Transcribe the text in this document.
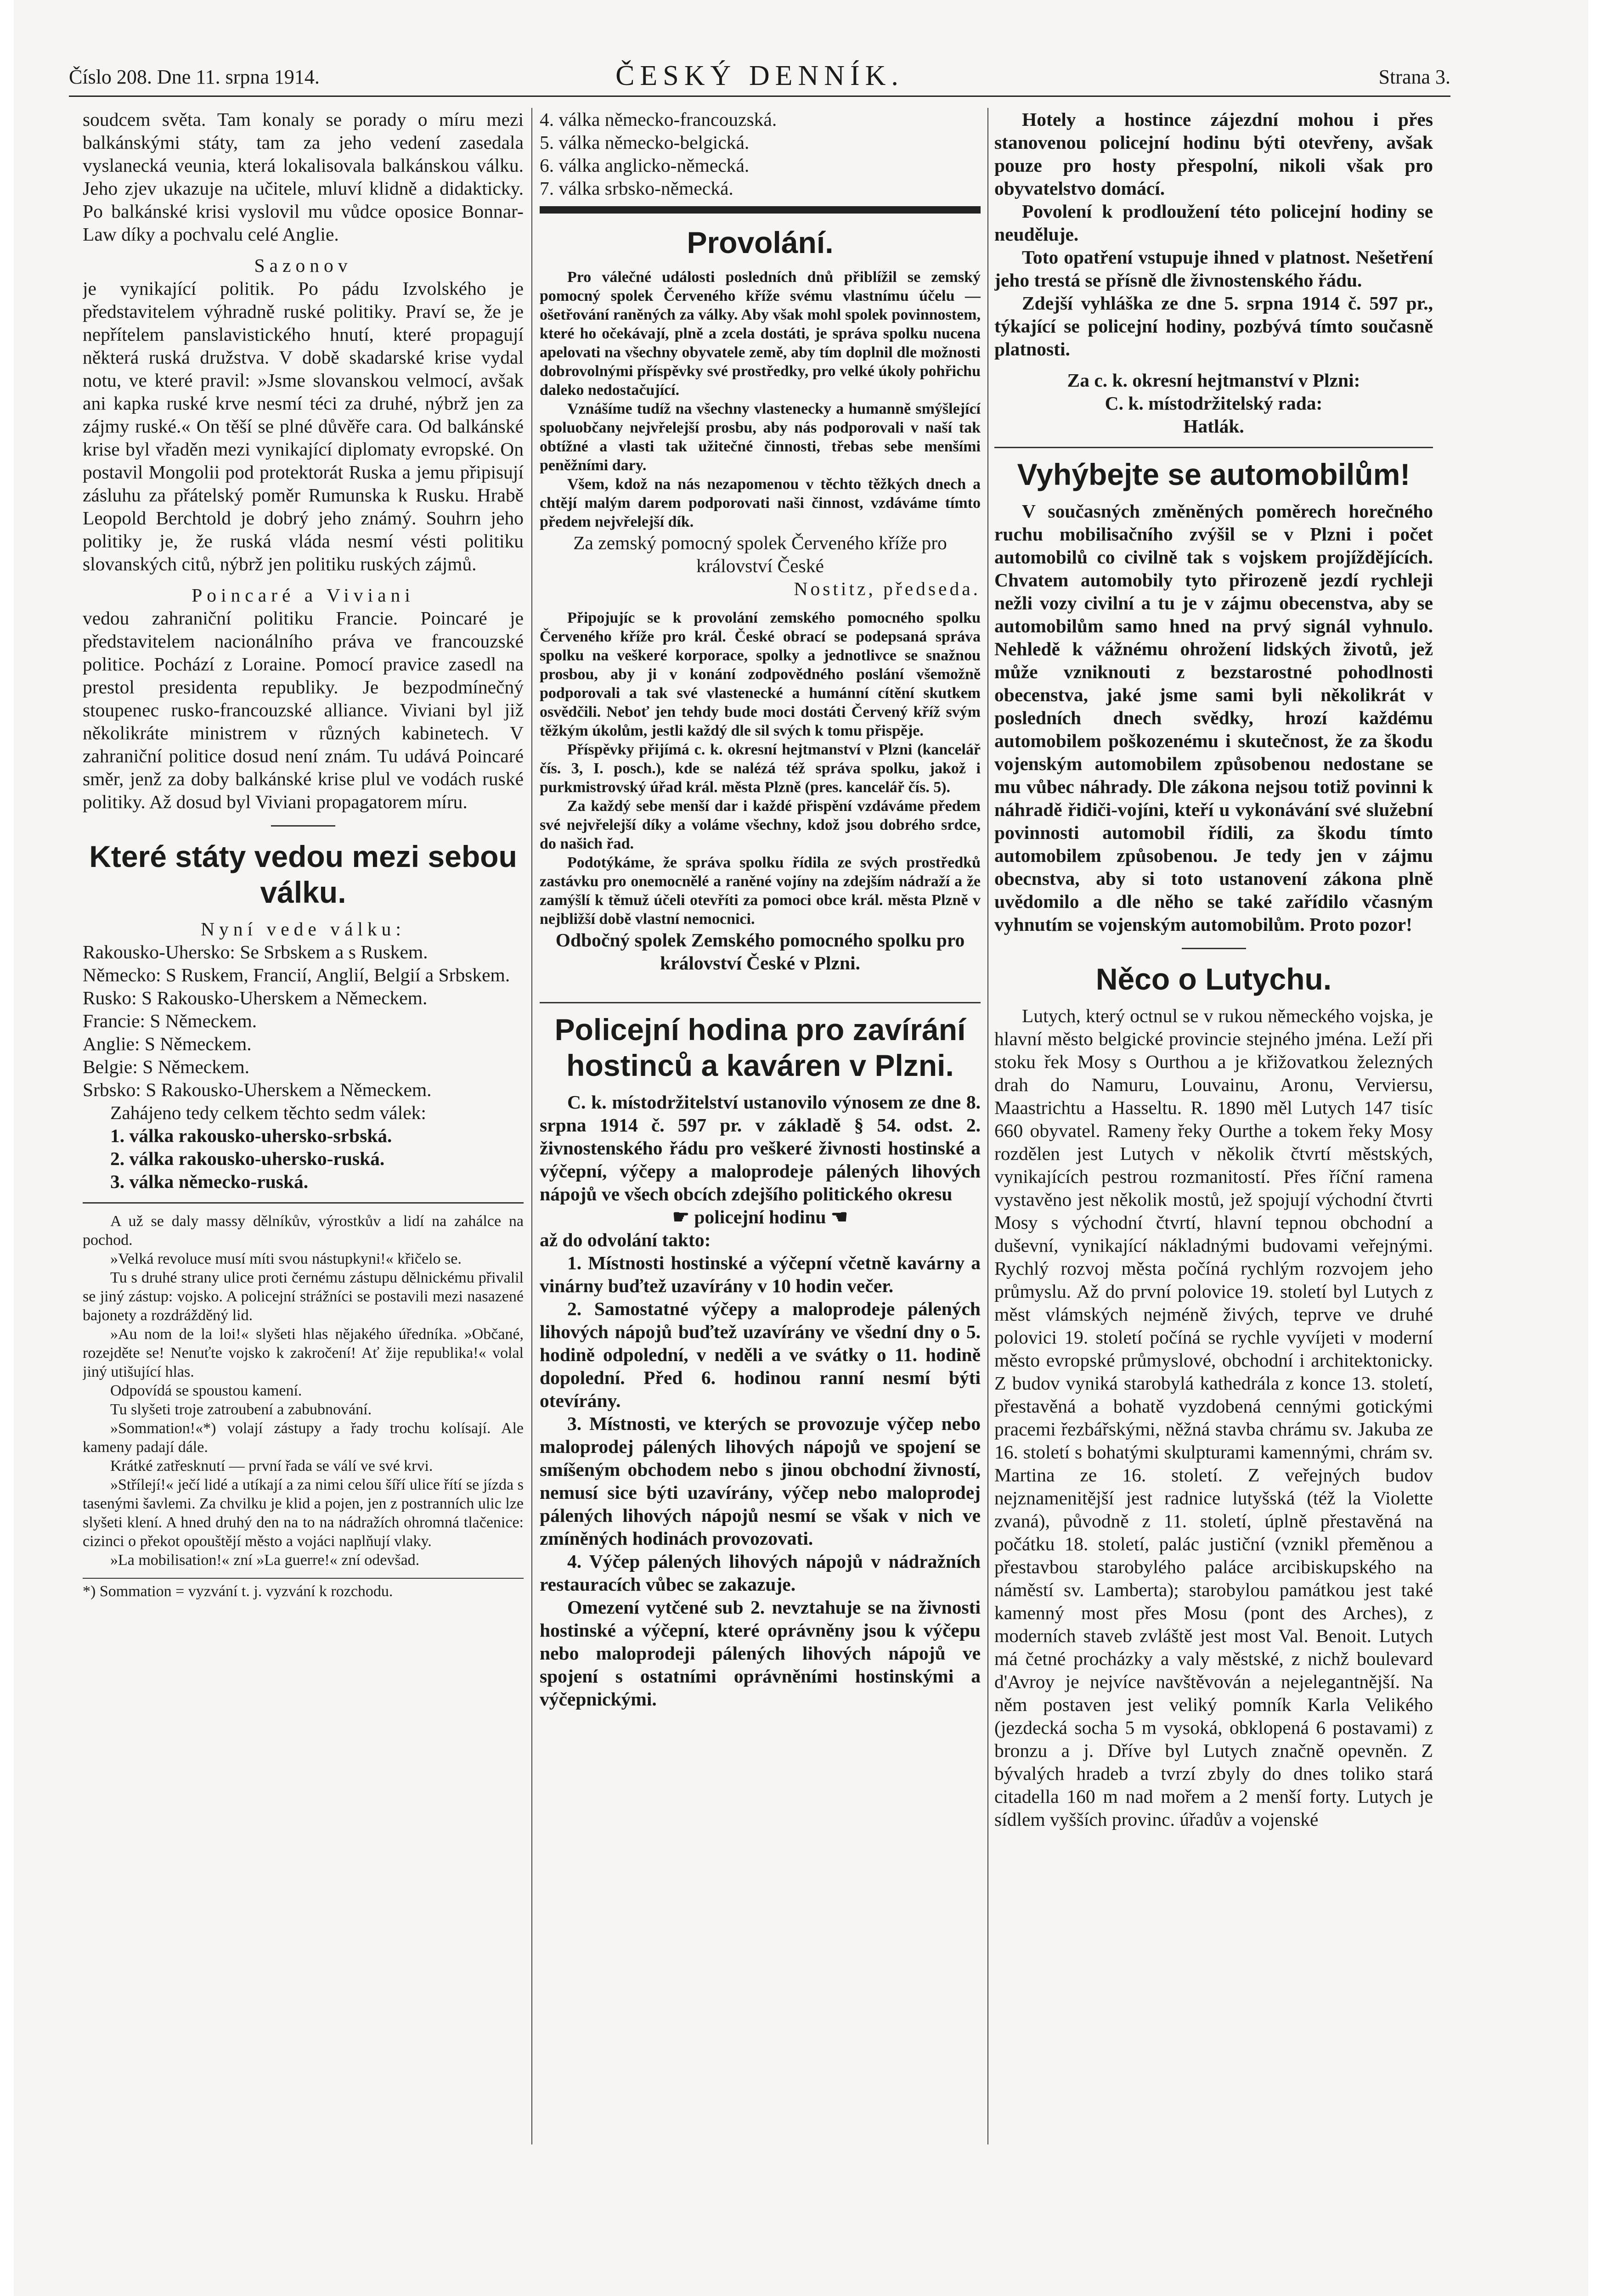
Číslo 208. Dne 11. srpna 1914.	ČESKÝ DENNÍK.	Strana 3.

soudcem světa. Tam konaly se porady o míru mezi balkánskými státy, tam za jeho vedení zasedala vyslanecká veunia, která lokalisovala balkánskou válku. Jeho zjev ukazuje na učitele, mluví klidně a didakticky. Po balkánské krisi vyslovil mu vůdce oposice Bonnar-Law díky a pochvalu celé Anglie.

Sazonov

je vynikající politik. Po pádu Izvolského je představitelem výhradně ruské politiky. Praví se, že je nepřítelem panslavistického hnutí, které propagují některá ruská družstva. V době skadarské krise vydal notu, ve které pravil: »Jsme slovanskou velmocí, avšak ani kapka ruské krve nesmí téci za druhé, nýbrž jen za zájmy ruské.« On těší se plné důvěře cara. Od balkánské krise byl vřaděn mezi vynikající diplomaty evropské. On postavil Mongolii pod protektorát Ruska a jemu připisují zásluhu za přátelský poměr Rumunska k Rusku. Hrabě Leopold Berchtold je dobrý jeho známý. Souhrn jeho politiky je, že ruská vláda nesmí vésti politiku slovanských citů, nýbrž jen politiku ruských zájmů.

Poincaré a Viviani

vedou zahraniční politiku Francie. Poincaré je představitelem nacionálního práva ve francouzské politice. Pochází z Loraine. Pomocí pravice zasedl na prestol presidenta republiky. Je bezpodmínečný stoupenec rusko-francouzské alliance. Viviani byl již několikráte ministrem v různých kabinetech. V zahraniční politice dosud není znám. Tu udává Poincaré směr, jenž za doby balkánské krise plul ve vodách ruské politiky. Až dosud byl Viviani propagatorem míru.

Které státy vedou mezi sebou válku.

Nyní vede válku:

Rakousko-Uhersko: Se Srbskem a s Ruskem.

Německo: S Ruskem, Francií, Anglií, Belgií a Srbskem.

Rusko: S Rakousko-Uherskem a Německem.

Francie: S Německem.

Anglie: S Německem.

Belgie: S Německem.

Srbsko: S Rakousko-Uherskem a Německem.

Zahájeno tedy celkem těchto sedm válek:

1. válka rakousko-uhersko-srbská.

2. válka rakousko-uhersko-ruská.

3. válka německo-ruská.

A už se daly massy dělníkův, výrostkův a lidí na zahálce na pochod.

»Velká revoluce musí míti svou nástupkyni!« křičelo se.

Tu s druhé strany ulice proti černému zástupu dělnickému přivalil se jiný zástup: vojsko. A policejní strážníci se postavili mezi nasazené bajonety a rozdrážděný lid.

»Au nom de la loi!« slyšeti hlas nějakého úředníka. »Občané, rozejděte se! Nenuťte vojsko k zakročení! Ať žije republika!« volal jiný utišující hlas.

Odpovídá se spoustou kamení.

Tu slyšeti troje zatroubení a zabubnování.

»Sommation!«*) volají zástupy a řady trochu kolísají. Ale kameny padají dále.

Krátké zatřesknutí — první řada se válí ve své krvi.

»Střílejí!« ječí lidé a utíkají a za nimi celou šíří ulice řítí se jízda s tasenými šavlemi. Za chvilku je klid a pojen, jen z postranních ulic lze slyšeti klení. A hned druhý den na to na nádražích ohromná tlačenice: cizinci o překot opouštějí město a vojáci naplňují vlaky.

»La mobilisation!« zní »La guerre!« zní odevšad.

*) Sommation = vyzvání t. j. vyzvání k rozchodu.

4. válka německo-francouzská.

5. válka německo-belgická.

6. válka anglicko-německá.

7. válka srbsko-německá.

Provolání.

Pro válečné události posledních dnů přiblížil se zemský pomocný spolek Červeného kříže svému vlastnímu účelu — ošetřování raněných za války. Aby však mohl spolek povinnostem, které ho očekávají, plně a zcela dostáti, je správa spolku nucena apelovati na všechny obyvatele země, aby tím doplnil dle možnosti dobrovolnými příspěvky své prostředky, pro velké úkoly pohřichu daleko nedostačující.

Vznášíme tudíž na všechny vlastenecky a humanně smýšlející spoluobčany nejvřelejší prosbu, aby nás podporovali v naší tak obtížné a vlasti tak užitečné činnosti, třebas sebe menšími peněžními dary.

Všem, kdož na nás nezapomenou v těchto těžkých dnech a chtějí malým darem podporovati naši činnost, vzdáváme tímto předem nejvřelejší dík.

Za zemský pomocný spolek Červeného kříže pro království České

Nostitz, předseda.

Připojujíc se k provolání zemského pomocného spolku Červeného kříže pro král. České obrací se podepsaná správa spolku na veškeré korporace, spolky a jednotlivce se snažnou prosbou, aby ji v konání zodpovědného poslání všemožně podporovali a tak své vlastenecké a humánní cítění skutkem osvědčili. Neboť jen tehdy bude moci dostáti Červený kříž svým těžkým úkolům, jestli každý dle sil svých k tomu přispěje.

Příspěvky přijímá c. k. okresní hejtmanství v Plzni (kancelář čís. 3, I. posch.), kde se nalézá též správa spolku, jakož i purkmistrovský úřad král. města Plzně (pres. kancelář čís. 5).

Za každý sebe menší dar i každé přispění vzdáváme předem své nejvřelejší díky a voláme všechny, kdož jsou dobrého srdce, do našich řad.

Podotýkáme, že správa spolku řídila ze svých prostředků zastávku pro onemocnělé a raněné vojíny na zdejším nádraží a že zamýšlí k těmuž účeli otevříti za pomoci obce král. města Plzně v nejbližší době vlastní nemocnici.

Odbočný spolek Zemského pomocného spolku pro království České v Plzni.

Policejní hodina pro zavírání hostinců a kaváren v Plzni.

C. k. místodržitelství ustanovilo výnosem ze dne 8. srpna 1914 č. 597 pr. v základě § 54. odst. 2. živnostenského řádu pro veškeré živnosti hostinské a výčepní, výčepy a maloprodeje pálených lihových nápojů ve všech obcích zdejšího politického okresu

☛ policejní hodinu ☚

až do odvolání takto:

1. Místnosti hostinské a výčepní včetně kavárny a vinárny buďtež uzavírány v 10 hodin večer.

2. Samostatné výčepy a maloprodeje pálených lihových nápojů buďtež uzavírány ve všední dny o 5. hodině odpolední, v neděli a ve svátky o 11. hodině dopolední. Před 6. hodinou ranní nesmí býti otevírány.

3. Místnosti, ve kterých se provozuje výčep nebo maloprodej pálených lihových nápojů ve spojení se smíšeným obchodem nebo s jinou obchodní živností, nemusí sice býti uzavírány, výčep nebo maloprodej pálených lihových nápojů nesmí se však v nich ve zmíněných hodinách provozovati.

4. Výčep pálených lihových nápojů v nádražních restauracích vůbec se zakazuje.

Omezení vytčené sub 2. nevztahuje se na živnosti hostinské a výčepní, které oprávněny jsou k výčepu nebo maloprodeji pálených lihových nápojů ve spojení s ostatními oprávněními hostinskými a výčepnickými.

Hotely a hostince zájezdní mohou i přes stanovenou policejní hodinu býti otevřeny, avšak pouze pro hosty přespolní, nikoli však pro obyvatelstvo domácí.

Povolení k prodloužení této policejní hodiny se neuděluje.

Toto opatření vstupuje ihned v platnost. Nešetření jeho trestá se přísně dle živnostenského řádu.

Zdejší vyhláška ze dne 5. srpna 1914 č. 597 pr., týkající se policejní hodiny, pozbývá tímto současně platnosti.

Za c. k. okresní hejtmanství v Plzni:

C. k. místodržitelský rada:

Hatlák.

Vyhýbejte se automobilům!

V současných změněných poměrech horečného ruchu mobilisačního zvýšil se v Plzni i počet automobilů co civilně tak s vojskem projíždějících. Chvatem automobily tyto přirozeně jezdí rychleji nežli vozy civilní a tu je v zájmu obecenstva, aby se automobilům samo hned na prvý signál vyhnulo. Nehledě k vážnému ohrožení lidských životů, jež může vzniknouti z bezstarostné pohodlnosti obecenstva, jaké jsme sami byli několikrát v posledních dnech svědky, hrozí každému automobilem poškozenému i skutečnost, že za škodu vojenským automobilem způsobenou nedostane se mu vůbec náhrady. Dle zákona nejsou totiž povinni k náhradě řidiči-vojíni, kteří u vykonávání své služební povinnosti automobil řídili, za škodu tímto automobilem způsobenou. Je tedy jen v zájmu obecnstva, aby si toto ustanovení zákona plně uvědomilo a dle něho se také zařídilo včasným vyhnutím se vojenským automobilům. Proto pozor!

Něco o Lutychu.

Lutych, který octnul se v rukou německého vojska, je hlavní město belgické provincie stejného jména. Leží při stoku řek Mosy s Ourthou a je křižovatkou železných drah do Namuru, Louvainu, Aronu, Verviersu, Maastrichtu a Hasseltu. R. 1890 měl Lutych 147 tisíc 660 obyvatel. Rameny řeky Ourthe a tokem řeky Mosy rozdělen jest Lutych v několik čtvrtí městských, vynikajících pestrou rozmanitostí. Přes říční ramena vystavěno jest několik mostů, jež spojují východní čtvrti Mosy s východní čtvrtí, hlavní tepnou obchodní a duševní, vynikající nákladnými budovami veřejnými. Rychlý rozvoj města počíná rychlým rozvojem jeho průmyslu. Až do první polovice 19. století byl Lutych z měst vlámských nejméně živých, teprve ve druhé polovici 19. století počíná se rychle vyvíjeti v moderní město evropské průmyslové, obchodní i architektonicky. Z budov vyniká starobylá kathedrála z konce 13. století, přestavěná a bohatě vyzdobená cennými gotickými pracemi řezbářskými, něžná stavba chrámu sv. Jakuba ze 16. století s bohatými skulpturami kamennými, chrám sv. Martina ze 16. století. Z veřejných budov nejznamenitější jest radnice lutyšská (též la Violette zvaná), původně z 11. století, úplně přestavěná na počátku 18. století, palác justiční (vznikl přeměnou a přestavbou starobylého paláce arcibiskupského na náměstí sv. Lamberta); starobylou památkou jest také kamenný most přes Mosu (pont des Arches), z moderních staveb zvláště jest most Val. Benoit. Lutych má četné procházky a valy městské, z nichž boulevard d'Avroy je nejvíce navštěvován a nejelegantnější. Na něm postaven jest veliký pomník Karla Velikého (jezdecká socha 5 m vysoká, obklopená 6 postavami) z bronzu a j. Dříve byl Lutych značně opevněn. Z bývalých hradeb a tvrzí zbyly do dnes toliko stará citadella 160 m nad mořem a 2 menší forty. Lutych je sídlem vyšších provinc. úřadův a vojenské
